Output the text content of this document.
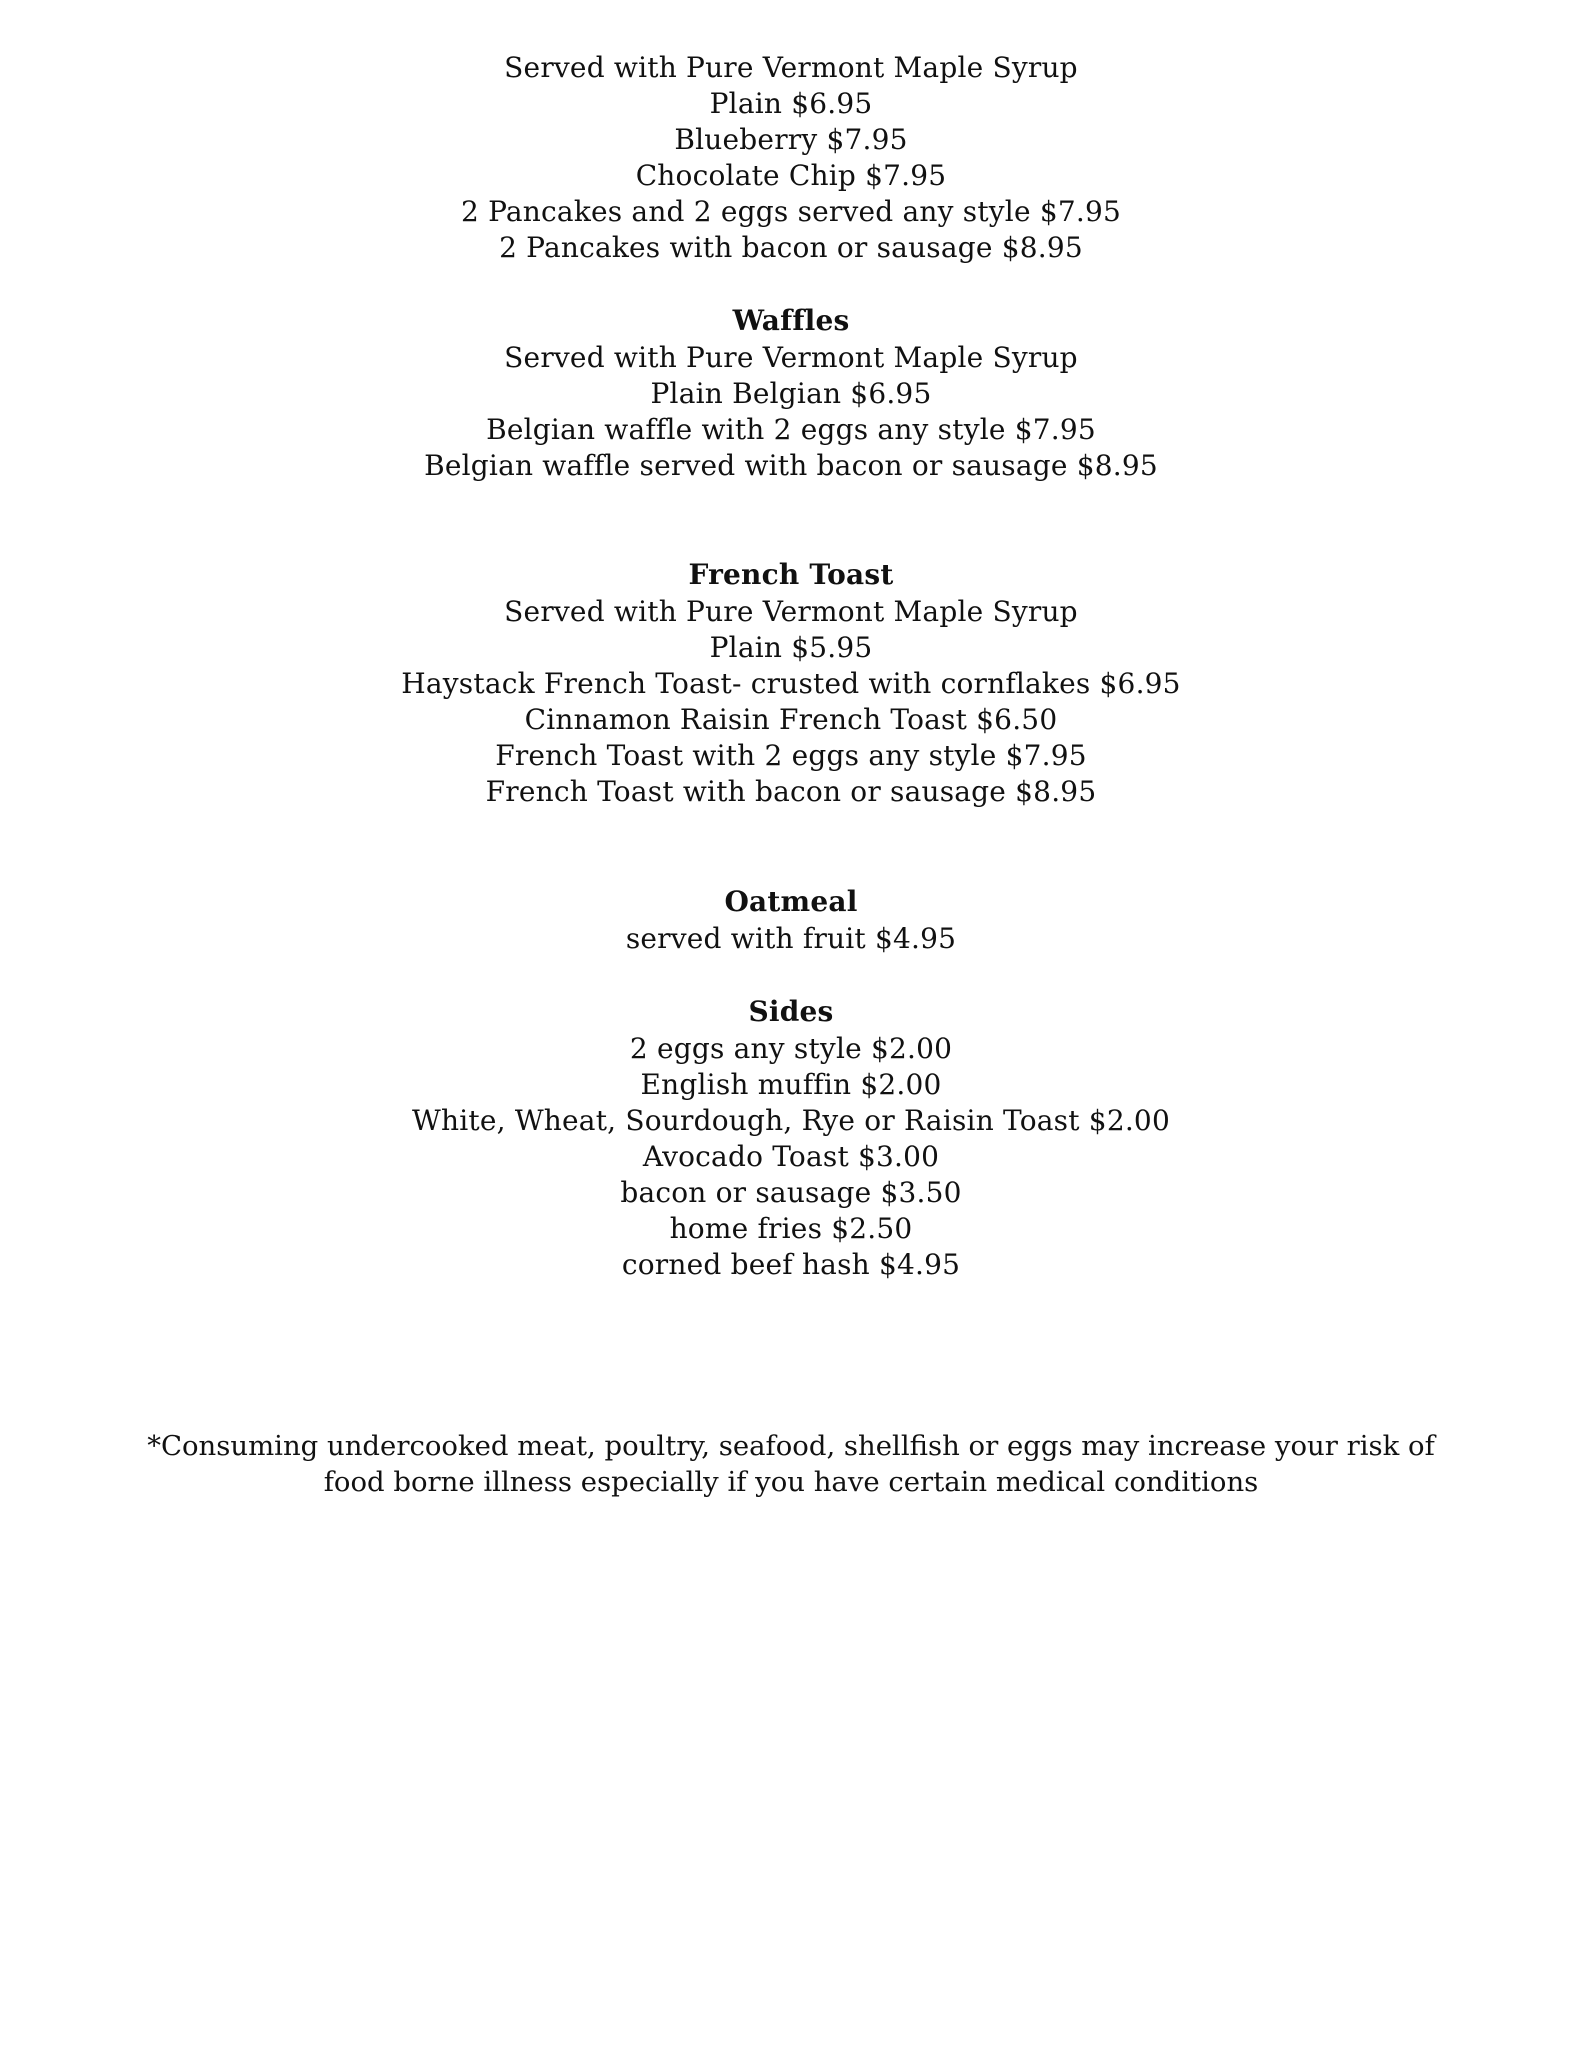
Served with Pure Vermont Maple Syrup
Plain $6.95
Blueberry $7.95
Chocolate Chip $7.95
2 Pancakes and 2 eggs served any style $7.95
2 Pancakes with bacon or sausage $8.95
Waffles
Served with Pure Vermont Maple Syrup
Plain Belgian $6.95
Belgian waffle with 2 eggs any style $7.95
Belgian waffle served with bacon or sausage $8.95
French Toast
Served with Pure Vermont Maple Syrup
Plain $5.95
Haystack French Toast- crusted with cornflakes $6.95
Cinnamon Raisin French Toast $6.50
French Toast with 2 eggs any style $7.95
French Toast with bacon or sausage $8.95
Oatmeal
served with fruit $4.95
Sides
2 eggs any style $2.00
English muffin $2.00
White, Wheat, Sourdough, Rye or Raisin Toast $2.00
Avocado Toast $3.00
bacon or sausage $3.50
home fries $2.50
corned beef hash $4.95
*Consuming undercooked meat, poultry, seafood, shellfish or eggs may increase your risk of
food borne illness especially if you have certain medical conditions
